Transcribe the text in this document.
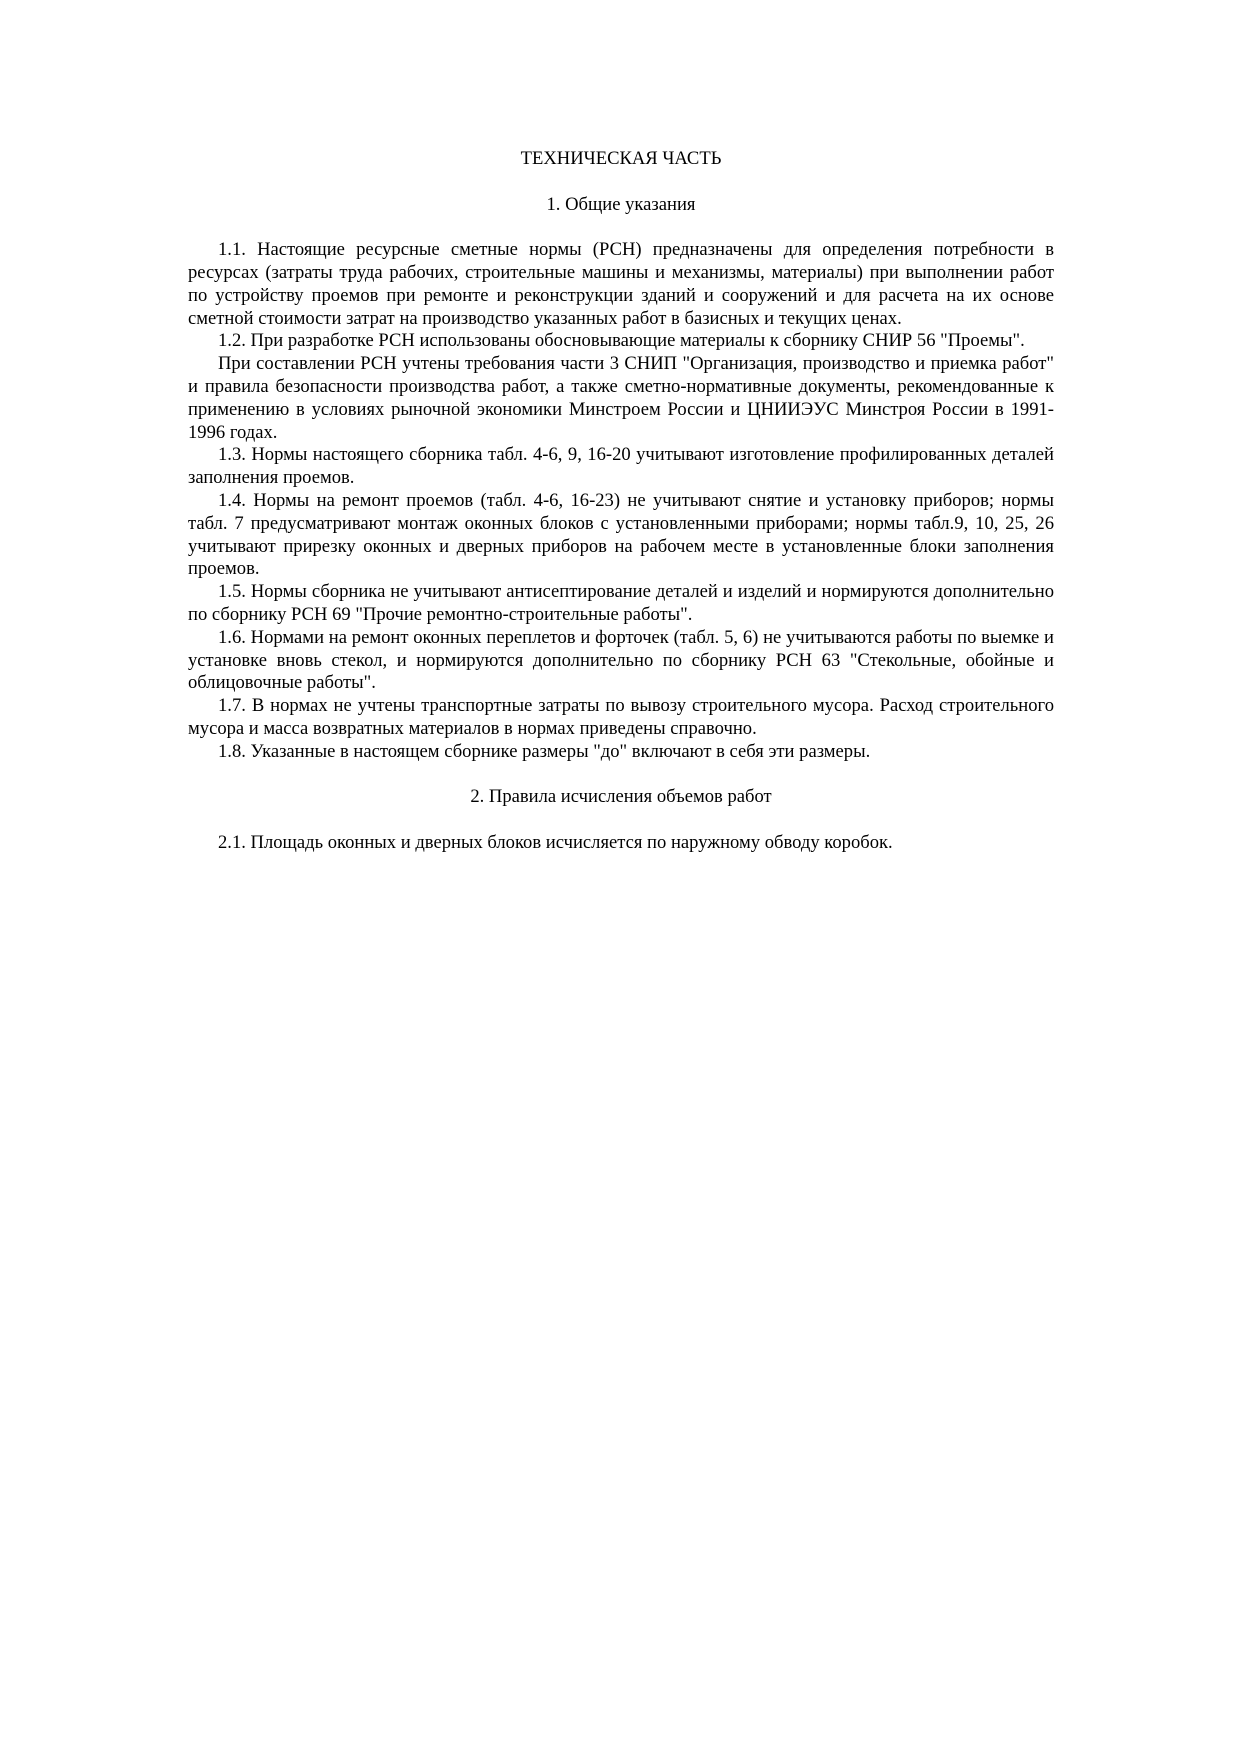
ТЕХНИЧЕСКАЯ ЧАСТЬ

1. Общие указания

1.1. Настоящие ресурсные сметные нормы (РСН) предназначены для определения потребности в ресурсах (затраты труда рабочих, строительные машины и механизмы, материалы) при выполнении работ по устройству проемов при ремонте и реконструкции зданий и сооружений и для расчета на их основе сметной стоимости затрат на производство указанных работ в базисных и текущих ценах.

1.2. При разработке РСН использованы обосновывающие материалы к сборнику СНИР 56 "Проемы".

При составлении РСН учтены требования части 3 СНИП "Организация, производство и приемка работ" и правила безопасности производства работ, а также сметно-нормативные документы, рекомендованные к применению в условиях рыночной экономики Минстроем России и ЦНИИЭУС Минстроя России в 1991-1996 годах.

1.3. Нормы настоящего сборника табл. 4-6, 9, 16-20 учитывают изготовление профилированных деталей заполнения проемов.

1.4. Нормы на ремонт проемов (табл. 4-6, 16-23) не учитывают снятие и установку приборов; нормы табл. 7 предусматривают монтаж оконных блоков с установленными приборами; нормы табл.9, 10, 25, 26 учитывают прирезку оконных и дверных приборов на рабочем месте в установленные блоки заполнения проемов.

1.5. Нормы сборника не учитывают антисептирование деталей и изделий и нормируются дополнительно по сборнику РСН 69 "Прочие ремонтно-строительные работы".

1.6. Нормами на ремонт оконных переплетов и форточек (табл. 5, 6) не учитываются работы по выемке и установке вновь стекол, и нормируются дополнительно по сборнику РСН 63 "Стекольные, обойные и облицовочные работы".

1.7. В нормах не учтены транспортные затраты по вывозу строительного мусора. Расход строительного мусора и масса возвратных материалов в нормах приведены справочно.

1.8. Указанные в настоящем сборнике размеры "до" включают в себя эти размеры.

2. Правила исчисления объемов работ

2.1. Площадь оконных и дверных блоков исчисляется по наружному обводу коробок.
